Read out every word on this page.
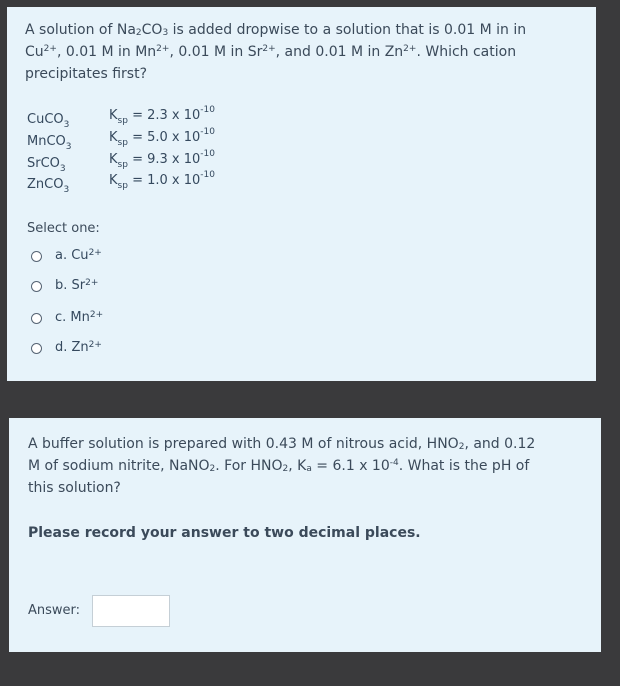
A solution of $Na_2CO_3$ is added dropwise to a solution that is 0.01 M in in
$Cu^{2+}$, 0.01 M in $Mn^{2+}$, 0.01 M in $Sr^{2+}$, and 0.01 M in $Zn^{2+}$. Which cation
precipitates first?
CuCO$_3$
$K_{sp} = 2.3$ x $10^{-10}$
MnCO$_3$
$K_{sp} = 5.0$ x $10^{-10}$
SrCO$_3$
$K_{sp} = 9.3$ x $10^{-10}$
ZnCO$_3$
$K_{sp} = 1.0$ x $10^{-10}$
Select one:
a. $Cu^{2+}$
b. $Sr^{2+}$
c. $Mn^{2+}$
d. $Zn^{2+}$
A buffer solution is prepared with 0.43 M of nitrous acid, $HNO_2$, and 0.12
M of sodium nitrite, NaNO$_2$. For $HNO_2$, $K_a = 6.1$ x $10^{-4}$. What is the pH of
this solution?
Please record your answer to two decimal places.
Answer:
